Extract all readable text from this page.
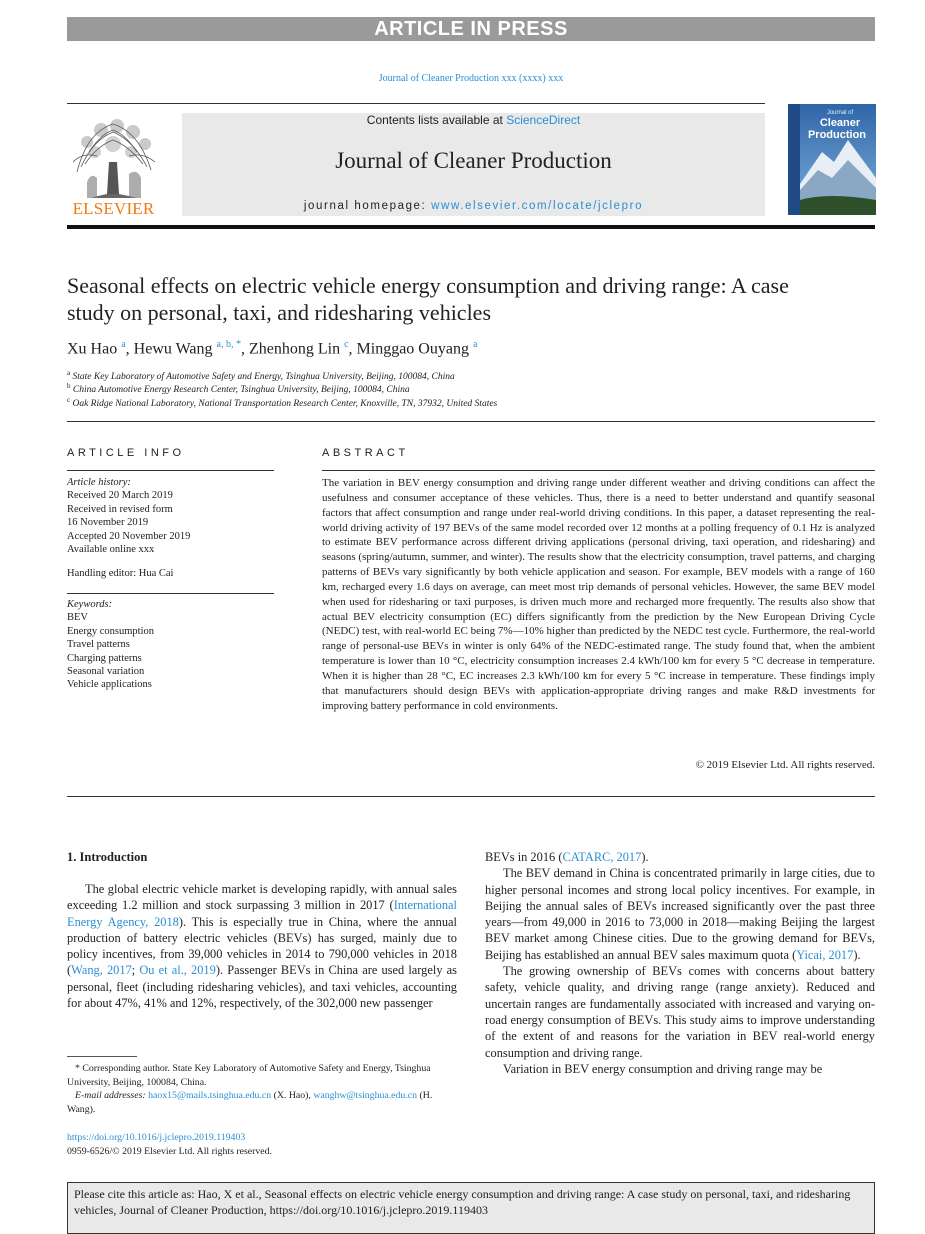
ARTICLE IN PRESS
Journal of Cleaner Production xxx (xxxx) xxx
ELSEVIER
Contents lists available at ScienceDirect
Journal of Cleaner Production
journal homepage: www.elsevier.com/locate/jclepro
Journal of
Cleaner
Production
Seasonal effects on electric vehicle energy consumption and driving range: A case study on personal, taxi, and ridesharing vehicles
Xu Hao $^a$, Hewu Wang $^{a, b, *}$, Zhenhong Lin $^c$, Minggao Ouyang $^a$
$^a$ State Key Laboratory of Automotive Safety and Energy, Tsinghua University, Beijing, 100084, China
$^b$ China Automotive Energy Research Center, Tsinghua University, Beijing, 100084, China
$^c$ Oak Ridge National Laboratory, National Transportation Research Center, Knoxville, TN, 37932, United States
ARTICLE INFO	ABSTRACT
Article history:
Received 20 March 2019
Received in revised form
16 November 2019
Accepted 20 November 2019
Available online xxx
Handling editor: Hua Cai
Keywords:
BEV
Energy consumption
Travel patterns
Charging patterns
Seasonal variation
Vehicle applications
The variation in BEV energy consumption and driving range under different weather and driving conditions can affect the usefulness and consumer acceptance of these vehicles. Thus, there is a need to better understand and quantify seasonal factors that affect consumption and range under real-world driving conditions. In this paper, a dataset representing the real-world driving activity of 197 BEVs of the same model recorded over 12 months at a polling frequency of 0.1 Hz is analyzed to estimate BEV performance across different driving applications (personal driving, taxi operation, and ridesharing) and seasons (spring/autumn, summer, and winter). The results show that the electricity consumption, travel patterns, and charging patterns of BEVs vary significantly by both vehicle application and season. For example, BEV models with a range of 160 km, recharged every 1.6 days on average, can meet most trip demands of personal vehicles. However, the same BEV model when used for ridesharing or taxi purposes, is driven much more and recharged more frequently. The results also show that actual BEV electricity consumption (EC) differs significantly from the prediction by the New European Driving Cycle (NEDC) test, with real-world EC being 7%—10% higher than predicted by the NEDC test cycle. Furthermore, the real-world range of personal-use BEVs in winter is only 64% of the NEDC-estimated range. The study found that, when the ambient temperature is lower than 10 °C, electricity consumption increases 2.4 kWh/100 km for every 5 °C decrease in temperature. When it is higher than 28 °C, EC increases 2.3 kWh/100 km for every 5 °C increase in temperature. These findings imply that manufacturers should design BEVs with application-appropriate driving ranges and make R&D investments for improving battery performance in cold environments.
© 2019 Elsevier Ltd. All rights reserved.
1. Introduction

The global electric vehicle market is developing rapidly, with annual sales exceeding 1.2 million and stock surpassing 3 million in 2017 (International Energy Agency, 2018). This is especially true in China, where the annual production of battery electric vehicles (BEVs) has surged, mainly due to policy incentives, from 39,000 vehicles in 2014 to 790,000 vehicles in 2018 (Wang, 2017; Ou et al., 2019). Passenger BEVs in China are used largely as personal, fleet (including ridesharing vehicles), and taxi vehicles, accounting for about 47%, 41% and 12%, respectively, of the 302,000 new passenger

BEVs in 2016 (CATARC, 2017).

The BEV demand in China is concentrated primarily in large cities, due to higher personal incomes and strong local policy incentives. For example, in Beijing the annual sales of BEVs increased significantly over the past three years—from 49,000 in 2016 to 73,000 in 2018—making Beijing the largest BEV market among Chinese cities. Due to the growing demand for BEVs, Beijing has established an annual BEV sales maximum quota (Yicai, 2017).

The growing ownership of BEVs comes with concerns about battery safety, vehicle quality, and driving range (range anxiety). Reduced and uncertain ranges are fundamentally associated with increased and varying on-road energy consumption of BEVs. This study aims to improve understanding of the extent of and reasons for the variation in BEV real-world energy consumption and driving range.

Variation in BEV energy consumption and driving range may be

* Corresponding author. State Key Laboratory of Automotive Safety and Energy, Tsinghua University, Beijing, 100084, China.
E-mail addresses: haox15@mails.tsinghua.edu.cn (X. Hao), wanghw@tsinghua.edu.cn (H. Wang).
https://doi.org/10.1016/j.jclepro.2019.119403
0959-6526/© 2019 Elsevier Ltd. All rights reserved.
Please cite this article as: Hao, X et al., Seasonal effects on electric vehicle energy consumption and driving range: A case study on personal, taxi, and ridesharing vehicles, Journal of Cleaner Production, https://doi.org/10.1016/j.jclepro.2019.119403
